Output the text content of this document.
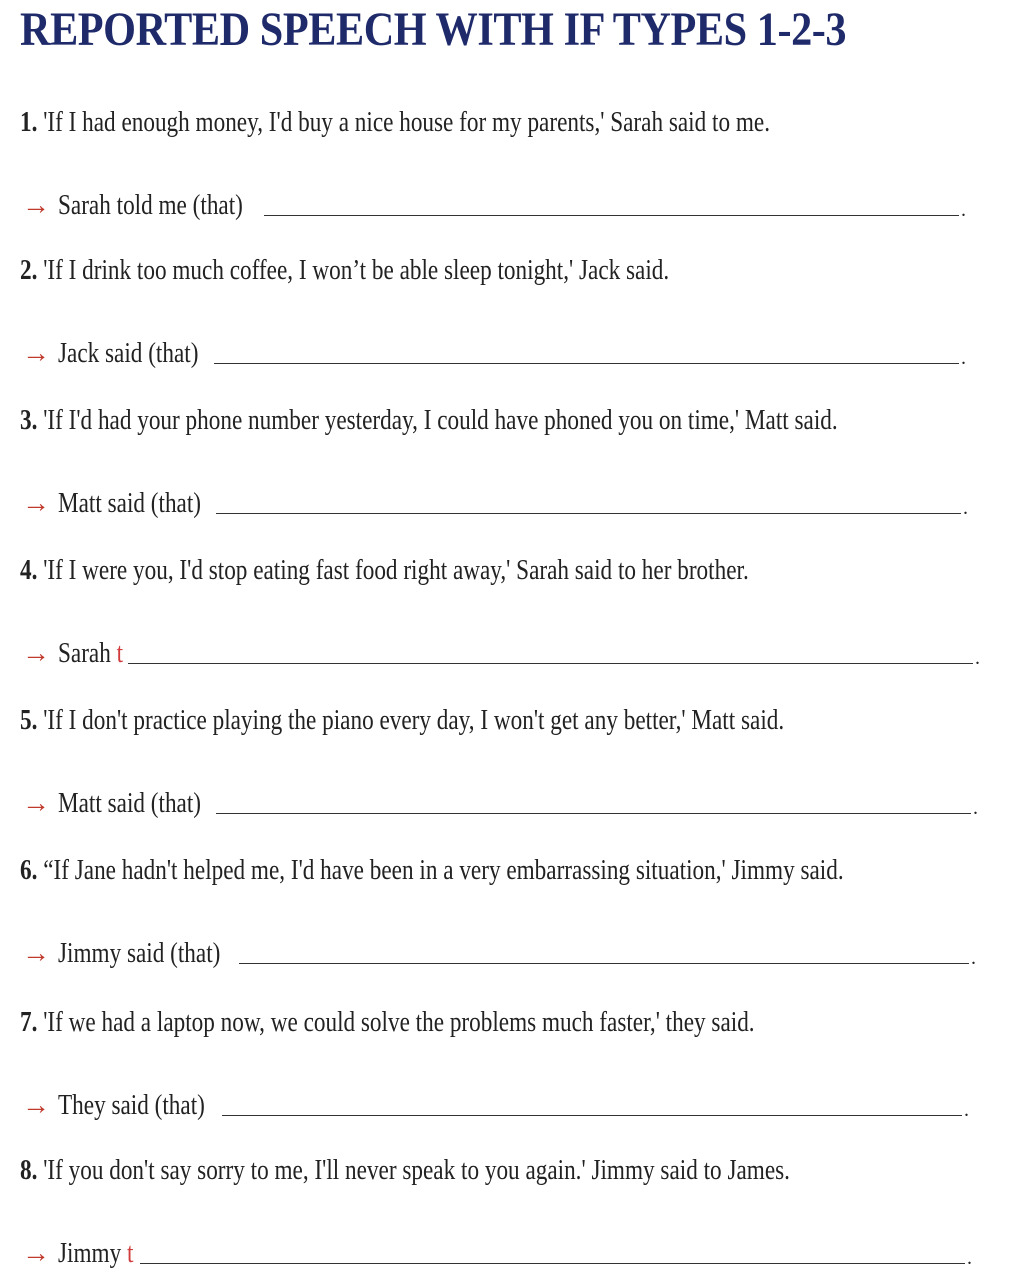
REPORTED SPEECH WITH IF TYPES 1-2-3
1. 'If I had enough money, I'd buy a nice house for my parents,' Sarah said to me.
→ Sarah told me (that)	.
2. 'If I drink too much coffee, I won’t be able sleep tonight,' Jack said.
→ Jack said (that)	.
3. 'If I'd had your phone number yesterday, I could have phoned you on time,' Matt said.
→ Matt said (that)	.
4. 'If I were you, I'd stop eating fast food right away,' Sarah said to her brother.
→ Sarah t	.
5. 'If I don't practice playing the piano every day, I won't get any better,' Matt said.
→ Matt said (that)	.
6. “If Jane hadn't helped me, I'd have been in a very embarrassing situation,' Jimmy said.
→ Jimmy said (that)	.
7. 'If we had a laptop now, we could solve the problems much faster,' they said.
→ They said (that)	.
8. 'If you don't say sorry to me, I'll never speak to you again.' Jimmy said to James.
→ Jimmy t	.
